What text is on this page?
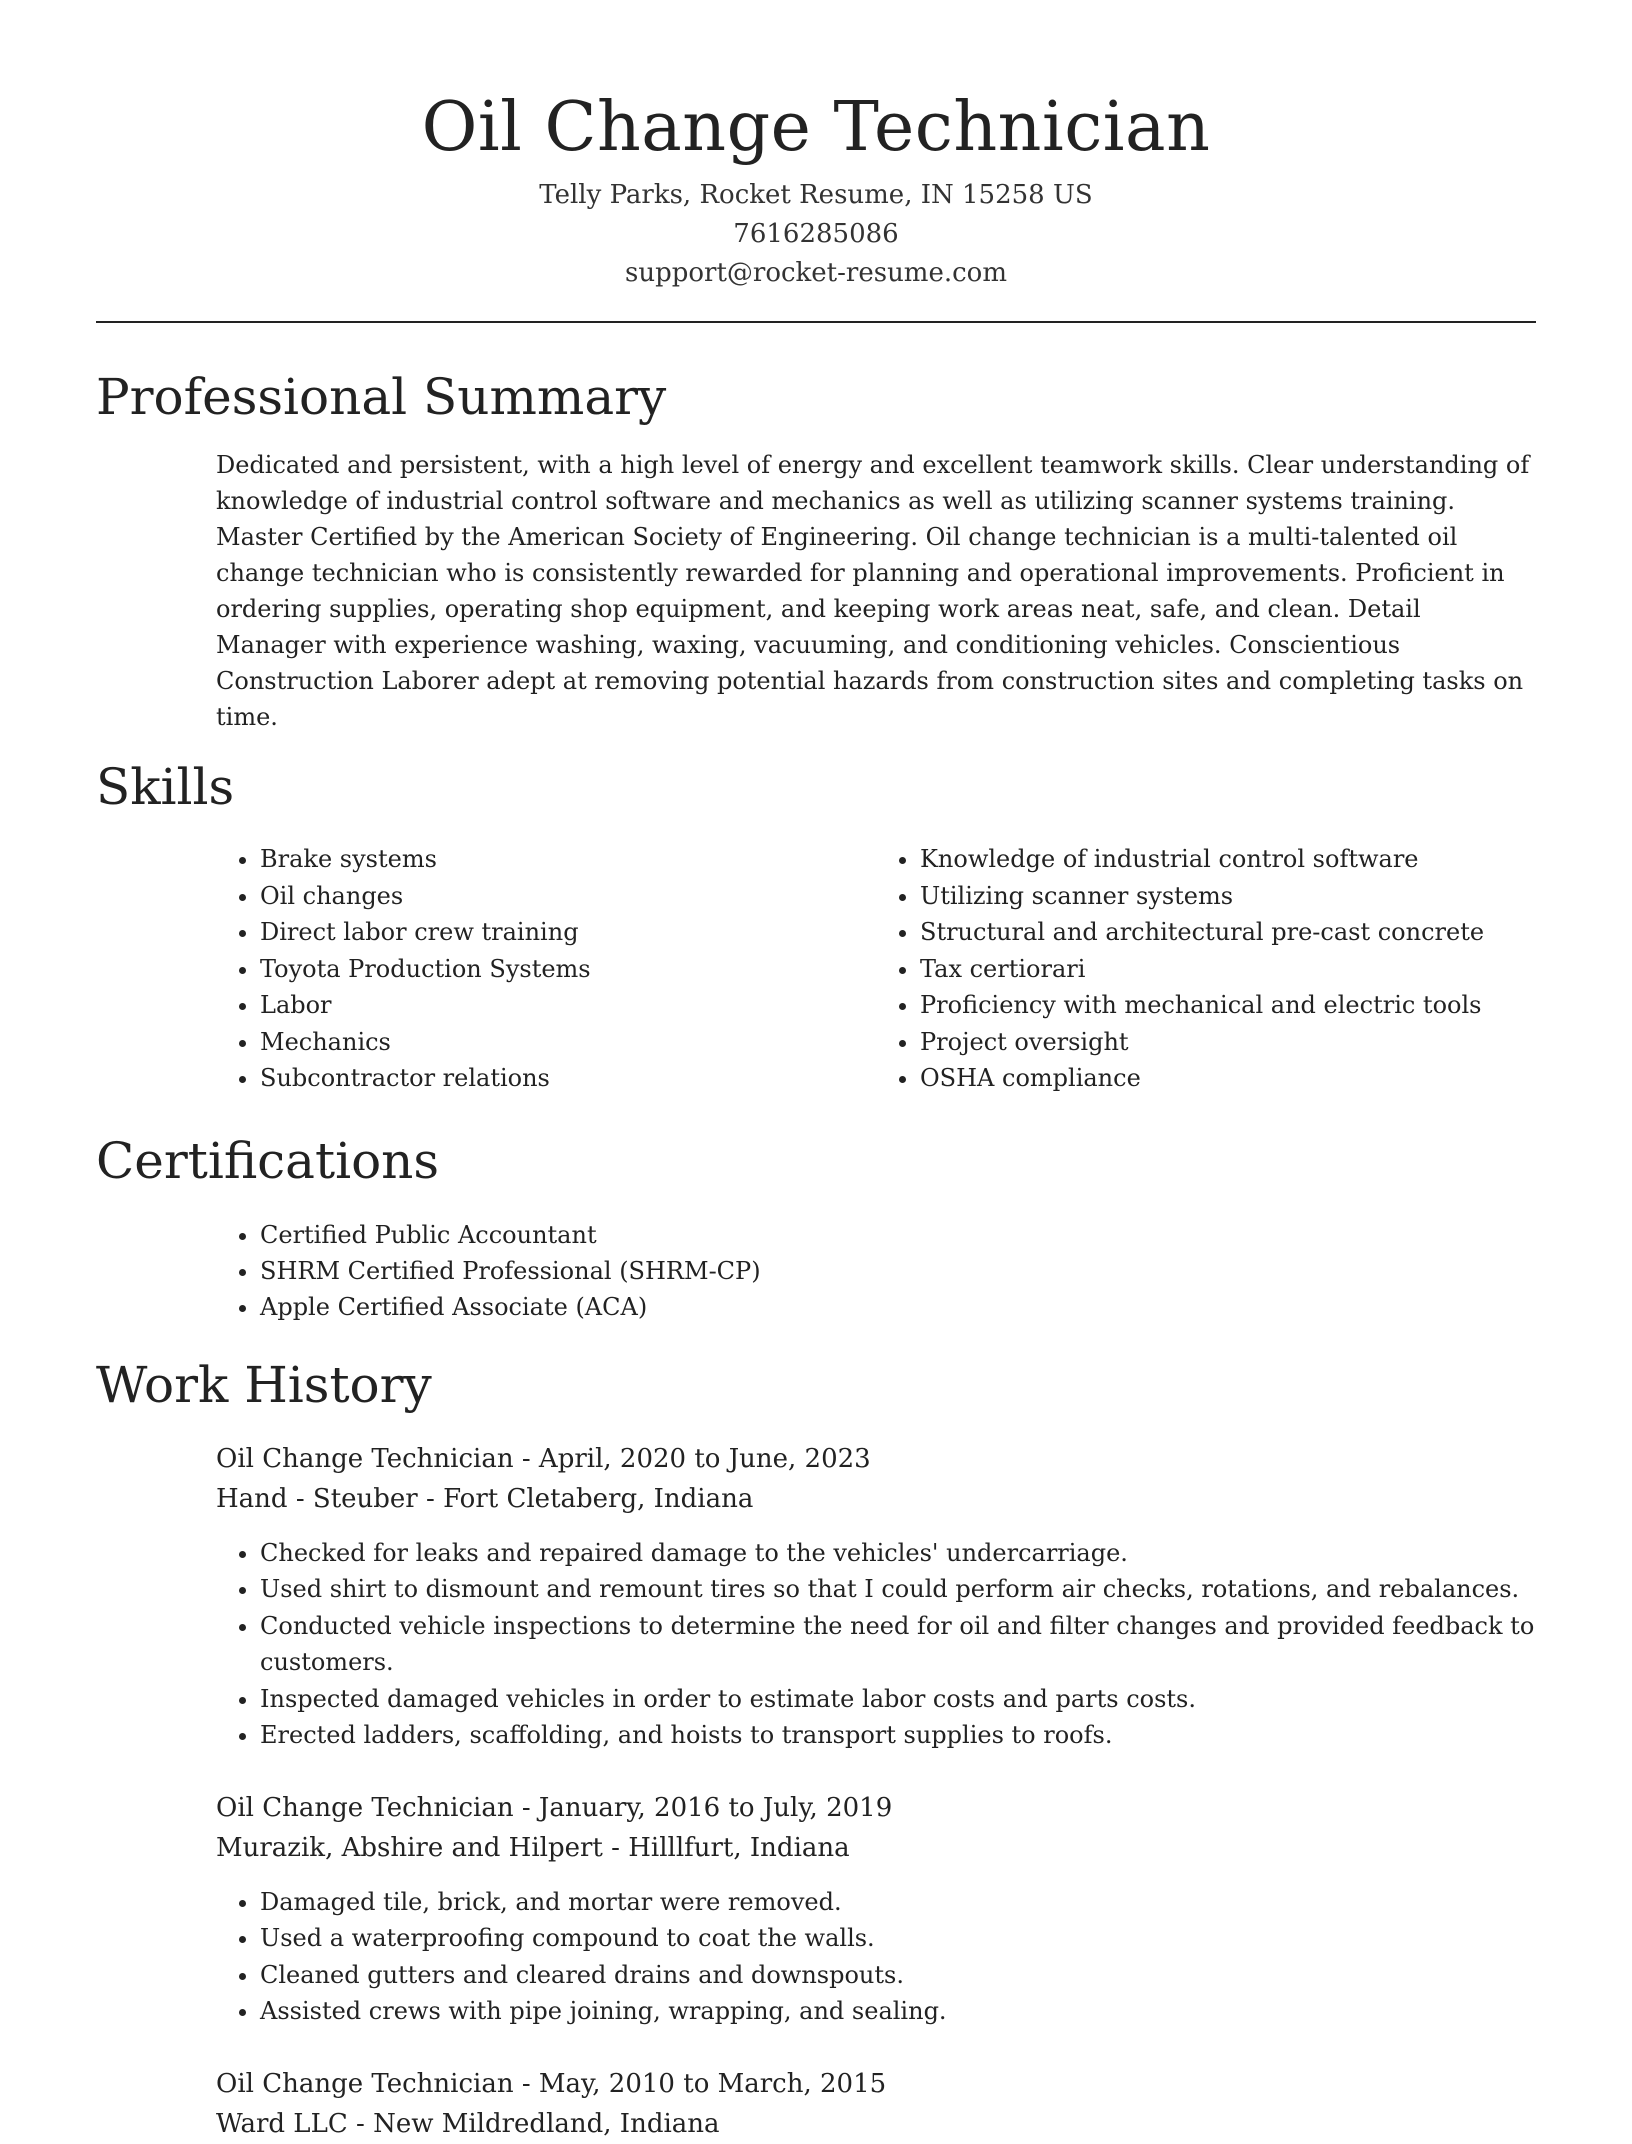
Oil Change Technician
Telly Parks, Rocket Resume, IN 15258 US
7616285086
support@rocket-resume.com
Professional Summary

Dedicated and persistent, with a high level of energy and excellent teamwork skills. Clear understanding of knowledge of industrial control software and mechanics as well as utilizing scanner systems training. Master Certified by the American Society of Engineering. Oil change technician is a multi-talented oil change technician who is consistently rewarded for planning and operational improvements. Proficient in ordering supplies, operating shop equipment, and keeping work areas neat, safe, and clean. Detail Manager with experience washing, waxing, vacuuming, and conditioning vehicles. Conscientious Construction Laborer adept at removing potential hazards from construction sites and completing tasks on time.

Skills
• Brake systems
• Oil changes
• Direct labor crew training
• Toyota Production Systems
• Labor
• Mechanics
• Subcontractor relations
• Knowledge of industrial control software
• Utilizing scanner systems
• Structural and architectural pre-cast concrete
• Tax certiorari
• Proficiency with mechanical and electric tools
• Project oversight
• OSHA compliance
Certifications
• Certified Public Accountant
• SHRM Certified Professional (SHRM-CP)
• Apple Certified Associate (ACA)
Work History
Oil Change Technician - April, 2020 to June, 2023
Hand - Steuber - Fort Cletaberg, Indiana
• Checked for leaks and repaired damage to the vehicles' undercarriage.
• Used shirt to dismount and remount tires so that I could perform air checks, rotations, and rebalances.
• Conducted vehicle inspections to determine the need for oil and filter changes and provided feedback to customers.
• Inspected damaged vehicles in order to estimate labor costs and parts costs.
• Erected ladders, scaffolding, and hoists to transport supplies to roofs.
Oil Change Technician - January, 2016 to July, 2019
Murazik, Abshire and Hilpert - Hilllfurt, Indiana
• Damaged tile, brick, and mortar were removed.
• Used a waterproofing compound to coat the walls.
• Cleaned gutters and cleared drains and downspouts.
• Assisted crews with pipe joining, wrapping, and sealing.
Oil Change Technician - May, 2010 to March, 2015
Ward LLC - New Mildredland, Indiana
